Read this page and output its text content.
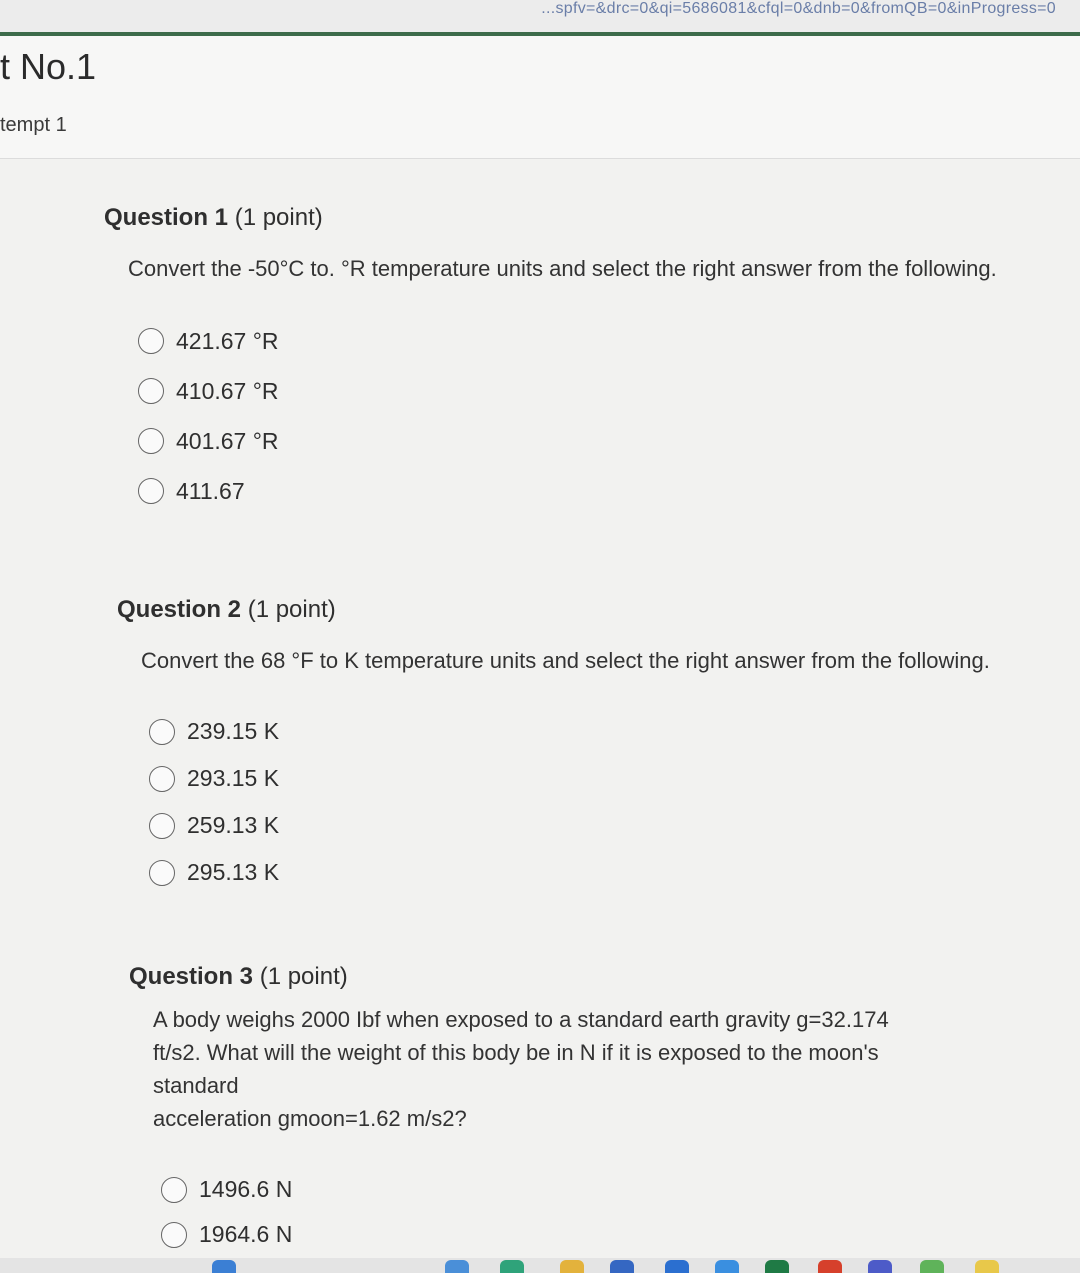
...spfv=&drc=0&qi=5686081&cfql=0&dnb=0&fromQB=0&inProgress=0
t No.1
tempt 1
Question 1 (1 point)
Convert the -50°C to. °R temperature units and select the right answer from the following.
421.67 °R
410.67 °R
401.67 °R
411.67
Question 2 (1 point)
Convert the 68 °F to K temperature units and select the right answer from the following.
239.15 K
293.15 K
259.13 K
295.13 K
Question 3 (1 point)
A body weighs 2000 Ibf when exposed to a standard earth gravity g=32.174
ft/s2. What will the weight of this body be in N if it is exposed to the moon's
standard
acceleration gmoon=1.62 m/s2?
1496.6 N
1964.6 N
